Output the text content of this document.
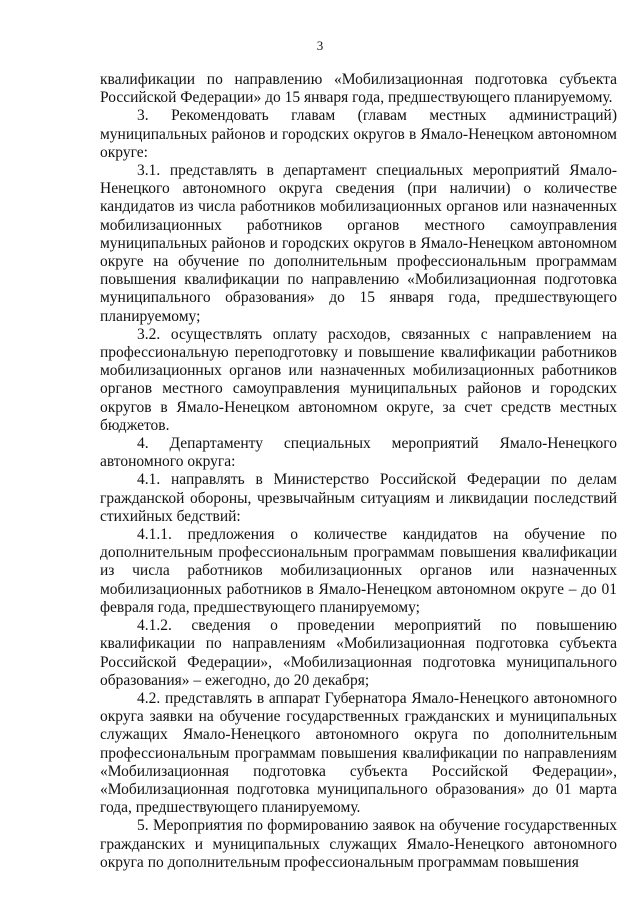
3

квалификации по направлению «Мобилизационная подготовка субъекта Российской Федерации» до 15 января года, предшествующего планируемому.

3. Рекомендовать главам (главам местных администраций) муниципальных районов и городских округов в Ямало-Ненецком автономном округе:

3.1. представлять в департамент специальных мероприятий Ямало-Ненецкого автономного округа сведения (при наличии) о количестве кандидатов из числа работников мобилизационных органов или назначенных мобилизационных работников органов местного самоуправления муниципальных районов и городских округов в Ямало-Ненецком автономном округе на обучение по дополнительным профессиональным программам повышения квалификации по направлению «Мобилизационная подготовка муниципального образования» до 15 января года, предшествующего планируемому;

3.2. осуществлять оплату расходов, связанных с направлением на профессиональную переподготовку и повышение квалификации работников мобилизационных органов или назначенных мобилизационных работников органов местного самоуправления муниципальных районов и городских округов в Ямало-Ненецком автономном округе, за счет средств местных бюджетов.

4. Департаменту специальных мероприятий Ямало-Ненецкого автономного округа:

4.1. направлять в Министерство Российской Федерации по делам гражданской обороны, чрезвычайным ситуациям и ликвидации последствий стихийных бедствий:

4.1.1. предложения о количестве кандидатов на обучение по дополнительным профессиональным программам повышения квалификации из числа работников мобилизационных органов или назначенных мобилизационных работников в Ямало-Ненецком автономном округе – до 01 февраля года, предшествующего планируемому;

4.1.2. сведения о проведении мероприятий по повышению квалификации по направлениям «Мобилизационная подготовка субъекта Российской Федерации», «Мобилизационная подготовка муниципального образования» – ежегодно, до 20 декабря;

4.2. представлять в аппарат Губернатора Ямало-Ненецкого автономного округа заявки на обучение государственных гражданских и муниципальных служащих Ямало-Ненецкого автономного округа по дополнительным профессиональным программам повышения квалификации по направлениям «Мобилизационная подготовка субъекта Российской Федерации», «Мобилизационная подготовка муниципального образования» до 01 марта года, предшествующего планируемому.

5. Мероприятия по формированию заявок на обучение государственных гражданских и муниципальных служащих Ямало-Ненецкого автономного округа по дополнительным профессиональным программам повышения
